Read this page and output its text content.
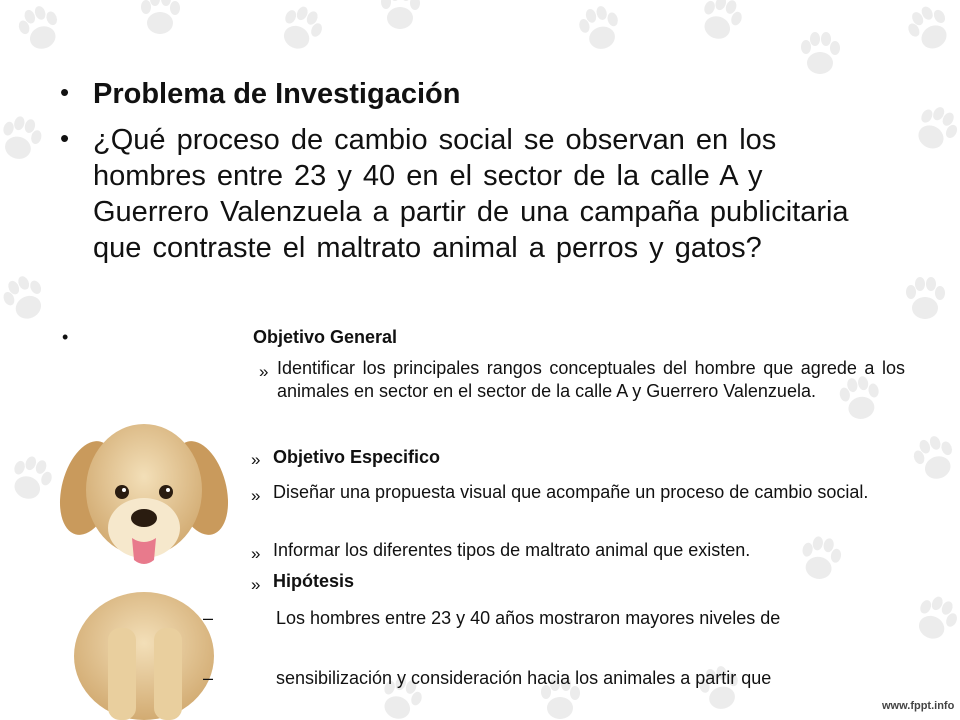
• Problema de Investigación
• ¿Qué proceso de cambio social se observan en los hombres entre 23 y 40 en el sector de la calle A y Guerrero Valenzuela a partir de una campaña publicitaria que contraste el maltrato animal a perros y gatos?
•	Objetivo General
» Identificar los principales rangos conceptuales del hombre que agrede a los animales en sector en el sector de la calle A y Guerrero Valenzuela.
» Objetivo Especifico
» Diseñar una propuesta visual que acompañe un proceso de cambio social.
» Informar los diferentes tipos de maltrato animal que existen.
» Hipótesis
–	Los hombres entre 23 y 40 años mostraron mayores niveles de
–	sensibilización y consideración hacia los animales a partir que
www.fppt.info
